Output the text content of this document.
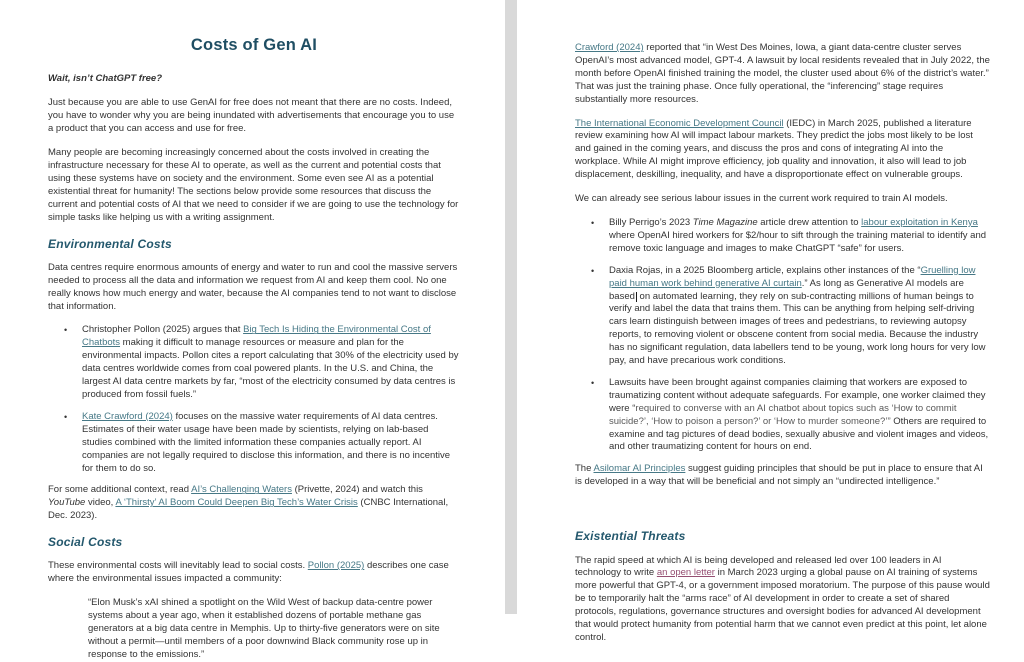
Costs of Gen AI
Wait, isn’t ChatGPT free?
Just because you are able to use GenAI for free does not meant that there are no costs. Indeed, you have to wonder why you are being inundated with advertisements that encourage you to use a product that you can access and use for free.
Many people are becoming increasingly concerned about the costs involved in creating the infrastructure necessary for these AI to operate, as well as the current and potential costs that using these systems have on society and the environment. Some even see AI as a potential existential threat for humanity! The sections below provide some resources that discuss the current and potential costs of AI that we need to consider if we are going to use the technology for simple tasks like helping us with a writing assignment.
Environmental Costs
Data centres require enormous amounts of energy and water to run and cool the massive servers needed to process all the data and information we request from AI and keep them cool. No one really knows how much energy and water, because the AI companies tend to not want to disclose that information.
• Christopher Pollon (2025) argues that Big Tech Is Hiding the Environmental Cost of Chatbots making it difficult to manage resources or measure and plan for the environmental impacts. Pollon cites a report calculating that 30% of the electricity used by data centres worldwide comes from coal powered plants. In the U.S. and China, the largest AI data centre markets by far, “most of the electricity consumed by data centres is produced from fossil fuels.”
• Kate Crawford (2024) focuses on the massive water requirements of AI data centres. Estimates of their water usage have been made by scientists, relying on lab-based studies combined with the limited information these companies actually report. AI companies are not legally required to disclose this information, and there is no incentive for them to do so.
For some additional context, read AI’s Challenging Waters (Privette, 2024) and watch this YouTube video, A ‘Thirsty’ AI Boom Could Deepen Big Tech’s Water Crisis (CNBC International, Dec. 2023).
Social Costs
These environmental costs will inevitably lead to social costs. Pollon (2025) describes one case where the environmental issues impacted a community:
“Elon Musk’s xAI shined a spotlight on the Wild West of backup data-centre power systems about a year ago, when it established dozens of portable methane gas generators at a big data centre in Memphis. Up to thirty-five generators were on site without a permit—until members of a poor downwind Black community rose up in response to the emissions.”
Crawford (2024) reported that “in West Des Moines, Iowa, a giant data-centre cluster serves OpenAI’s most advanced model, GPT-4. A lawsuit by local residents revealed that in July 2022, the month before OpenAI finished training the model, the cluster used about 6% of the district’s water.” That was just the training phase. Once fully operational, the “inferencing” stage requires substantially more resources.
The International Economic Development Council (IEDC) in March 2025, published a literature review examining how AI will impact labour markets. They predict the jobs most likely to be lost and gained in the coming years, and discuss the pros and cons of integrating AI into the workplace. While AI might improve efficiency, job quality and innovation, it also will lead to job displacement, deskilling, inequality, and have a disproportionate effect on vulnerable groups.
We can already see serious labour issues in the current work required to train AI models.
• Billy Perrigo’s 2023 Time Magazine article drew attention to labour exploitation in Kenya where OpenAI hired workers for $2/hour to sift through the training material to identify and remove toxic language and images to make ChatGPT “safe” for users.
• Daxia Rojas, in a 2025 Bloomberg article, explains other instances of the “Gruelling low paid human work behind generative AI curtain.” As long as Generative AI models are based on automated learning, they rely on sub-contracting millions of human beings to verify and label the data that trains them. This can be anything from helping self-driving cars learn distinguish between images of trees and pedestrians, to reviewing autopsy reports, to removing violent or obscene content from social media. Because the industry has no significant regulation, data labellers tend to be young, work long hours for very low pay, and have precarious work conditions.
• Lawsuits have been brought against companies claiming that workers are exposed to traumatizing content without adequate safeguards. For example, one worker claimed they were “required to converse with an AI chatbot about topics such as ‘How to commit suicide?’, ‘How to poison a person?’ or ‘How to murder someone?’” Others are required to examine and tag pictures of dead bodies, sexually abusive and violent images and videos, and other traumatizing content for hours on end.
The Asilomar AI Principles suggest guiding principles that should be put in place to ensure that AI is developed in a way that will be beneficial and not simply an “undirected intelligence.”
Existential Threats
The rapid speed at which AI is being developed and released led over 100 leaders in AI technology to write an open letter in March 2023 urging a global pause on AI training of systems more powerful that GPT-4, or a government imposed moratorium. The purpose of this pause would be to temporarily halt the “arms race” of AI development in order to create a set of shared protocols, regulations, governance structures and oversight bodies for advanced AI development that would protect humanity from potential harm that we cannot even predict at this point, let alone control.
